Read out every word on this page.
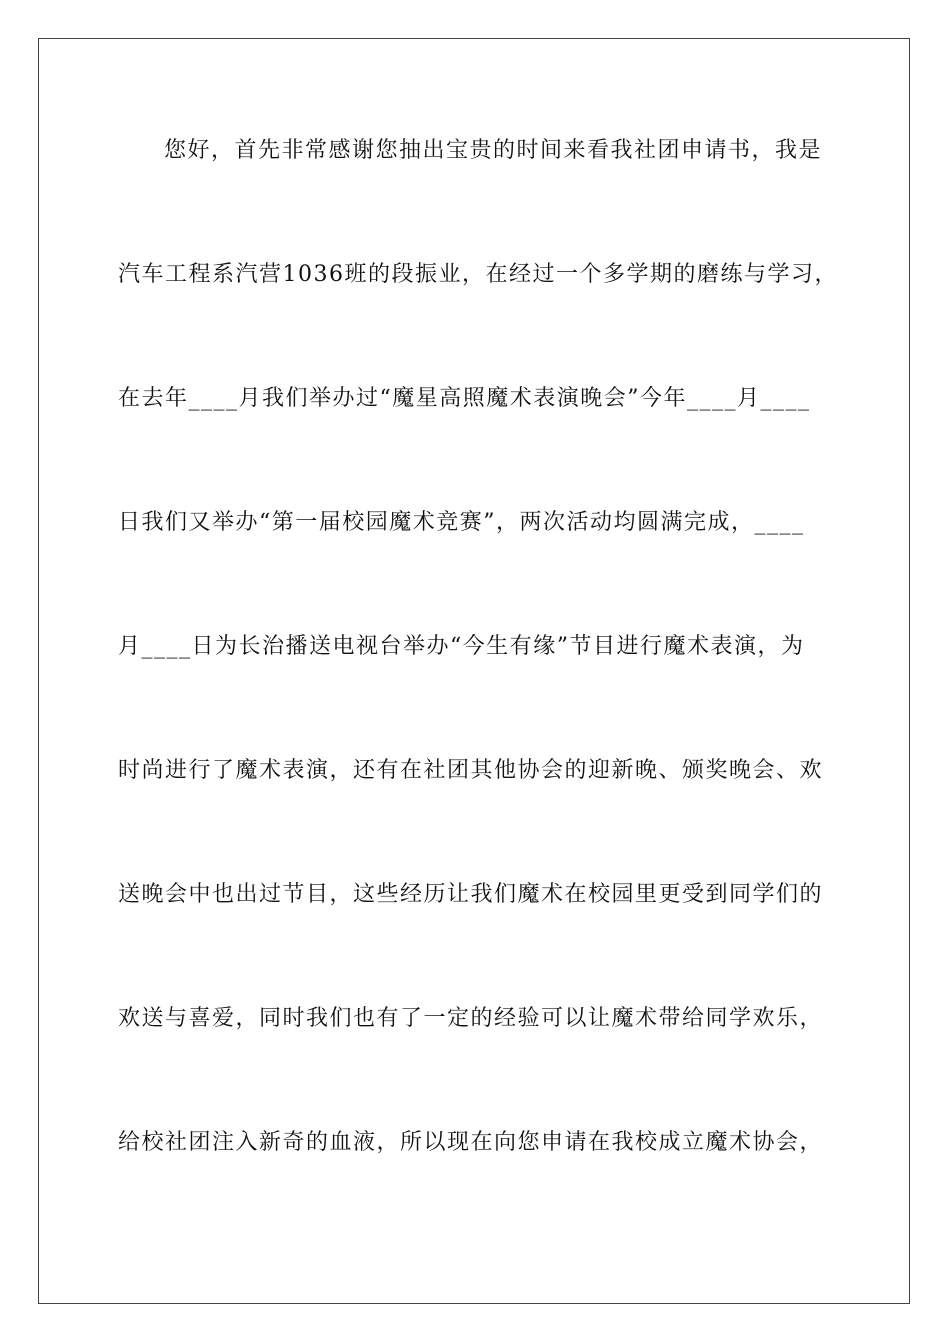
您好，首先非常感谢您抽出宝贵的时间来看我社团申请书，我是
汽车工程系汽营1036班的段振业，在经过一个多学期的磨练与学习，
在去年____月我们举办过“魔星高照魔术表演晚会”今年____月____
日我们又举办“第一届校园魔术竞赛”，两次活动均圆满完成，____
月____日为长治播送电视台举办“今生有缘”节目进行魔术表演，为
时尚进行了魔术表演，还有在社团其他协会的迎新晚、颁奖晚会、欢
送晚会中也出过节目，这些经历让我们魔术在校园里更受到同学们的
欢送与喜爱，同时我们也有了一定的经验可以让魔术带给同学欢乐，
给校社团注入新奇的血液，所以现在向您申请在我校成立魔术协会，
